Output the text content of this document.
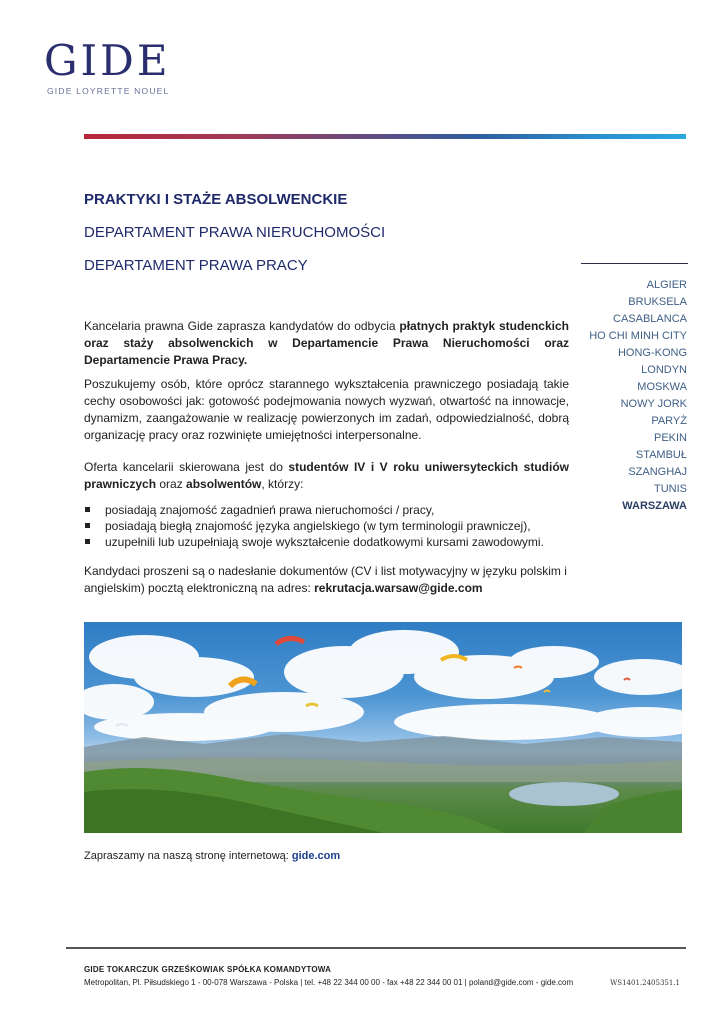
GIDE
GIDE LOYRETTE NOUEL
PRAKTYKI I STAŻE ABSOLWENCKIE
DEPARTAMENT PRAWA NIERUCHOMOŚCI
DEPARTAMENT PRAWA PRACY
ALGIER
BRUKSELA
CASABLANCA
HO CHI MINH CITY
HONG-KONG
LONDYN
MOSKWA
NOWY JORK
PARYŻ
PEKIN
STAMBUŁ
SZANGHAJ
TUNIS
WARSZAWA

Kancelaria prawna Gide zaprasza kandydatów do odbycia płatnych praktyk studenckich oraz staży absolwenckich w Departamencie Prawa Nieruchomości oraz Departamencie Prawa Pracy.

Poszukujemy osób, które oprócz starannego wykształcenia prawniczego posiadają takie cechy osobowości jak: gotowość podejmowania nowych wyzwań, otwartość na innowacje, dynamizm, zaangażowanie w realizację powierzonych im zadań, odpowiedzialność, dobrą organizację pracy oraz rozwinięte umiejętności interpersonalne.

Oferta kancelarii skierowana jest do studentów IV i V roku uniwersyteckich studiów prawniczych oraz absolwentów, którzy:

posiadają znajomość zagadnień prawa nieruchomości / pracy,
posiadają biegłą znajomość języka angielskiego (w tym terminologii prawniczej),
uzupełnili lub uzupełniają swoje wykształcenie dodatkowymi kursami zawodowymi.

Kandydaci proszeni są o nadesłanie dokumentów (CV i list motywacyjny w języku polskim i angielskim) pocztą elektroniczną na adres: rekrutacja.warsaw@gide.com

Zapraszamy na naszą stronę internetową: gide.com
GIDE TOKARCZUK GRZEŚKOWIAK SPÓŁKA KOMANDYTOWA
Metropolitan, Pl. Piłsudskiego 1 - 00-078 Warszawa - Polska | tel. +48 22 344 00 00 - fax +48 22 344 00 01 | poland@gide.com - gide.com	WS1401.2405351.1
